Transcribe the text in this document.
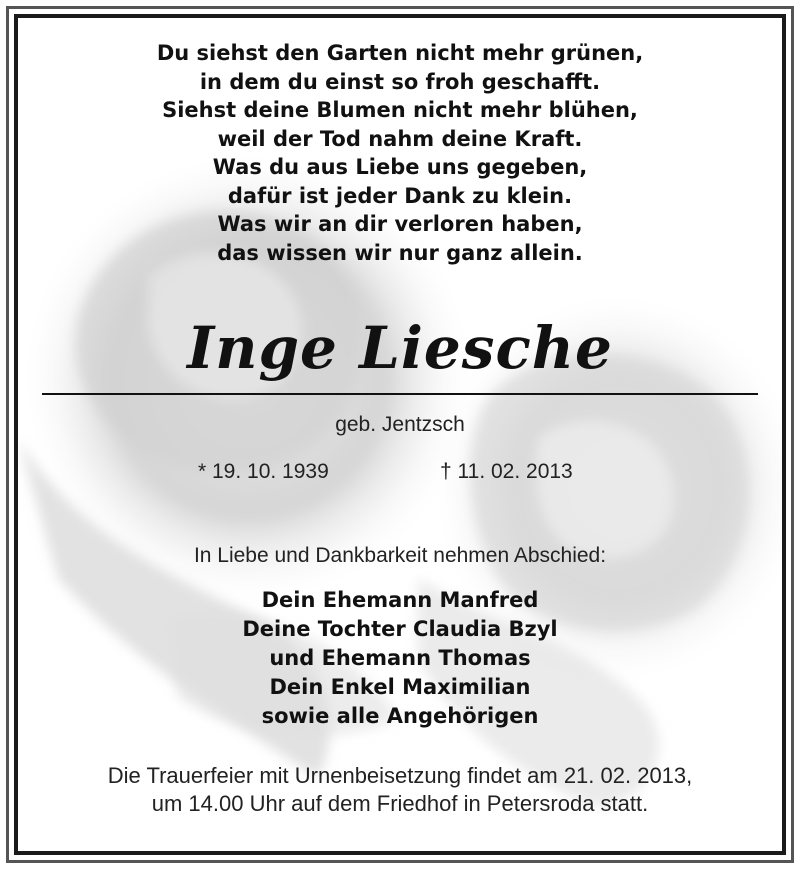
Du siehst den Garten nicht mehr grünen,
in dem du einst so froh geschafft.
Siehst deine Blumen nicht mehr blühen,
weil der Tod nahm deine Kraft.
Was du aus Liebe uns gegeben,
dafür ist jeder Dank zu klein.
Was wir an dir verloren haben,
das wissen wir nur ganz allein.
Inge Liesche
geb. Jentzsch
* 19. 10. 1939	† 11. 02. 2013
In Liebe und Dankbarkeit nehmen Abschied:
Dein Ehemann Manfred
Deine Tochter Claudia Bzyl
und Ehemann Thomas
Dein Enkel Maximilian
sowie alle Angehörigen
Die Trauerfeier mit Urnenbeisetzung findet am 21. 02. 2013,
um 14.00 Uhr auf dem Friedhof in Petersroda statt.
